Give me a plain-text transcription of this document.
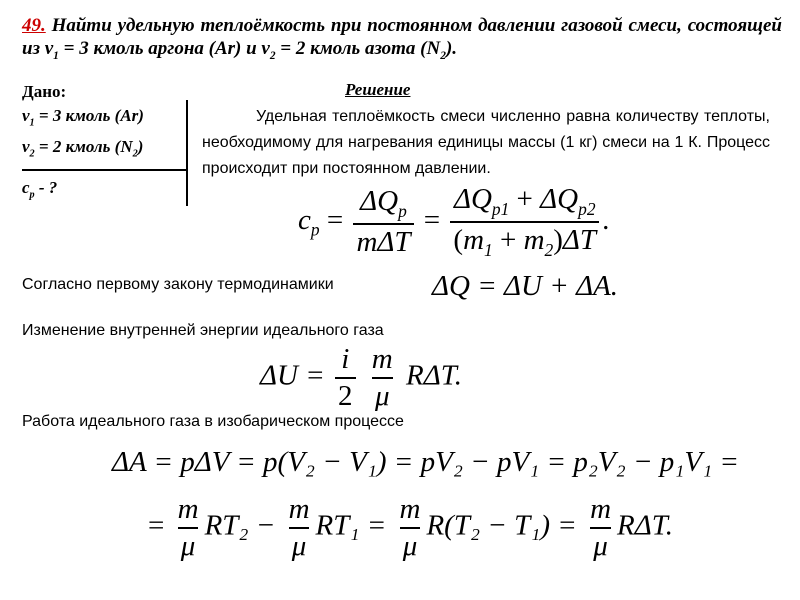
49. Найти удельную теплоёмкость при постоянном давлении газовой смеси, состоящей из $\nu_1 = 3$ кмоль аргона (Ar) и $\nu_2 = 2$ кмоль азота $(N_2)$.
Дано:
$\nu_1 = 3$ кмоль (Ar)
$\nu_2 = 2$ кмоль $(N_2)$
$c_p$ - ?
Решение
Удельная теплоёмкость смеси численно равна количеству теплоты, необходимому для нагревания единицы массы (1 кг) смеси на 1 К. Процесс происходит при постоянном давлении.
$c_p = \frac{\Delta Q_p}{\text{mΔT}} = \frac{\Delta Q_{p1} + \Delta Q_{p2}}{(m_1 + m_2)\Delta T}$ .
Согласно первому закону термодинамики	ΔQ = ΔU + ΔA.
Изменение внутренней энергии идеального газа
$\Delta U = \frac{i}{2}$
$\frac{m}{\mu} R\Delta T$.
Работа идеального газа в изобарическом процессе
ΔA = pΔV = p(V₂ − V₁) = pV₂ − pV₁ = p₂V₂ − p₁V₁ =
= $\frac{m}{\mu} RT_2 - \frac{m}{\mu} RT_1 = \frac{m}{\mu} R(T_2 - T_1) = \frac{m}{\mu} R\Delta T$.
